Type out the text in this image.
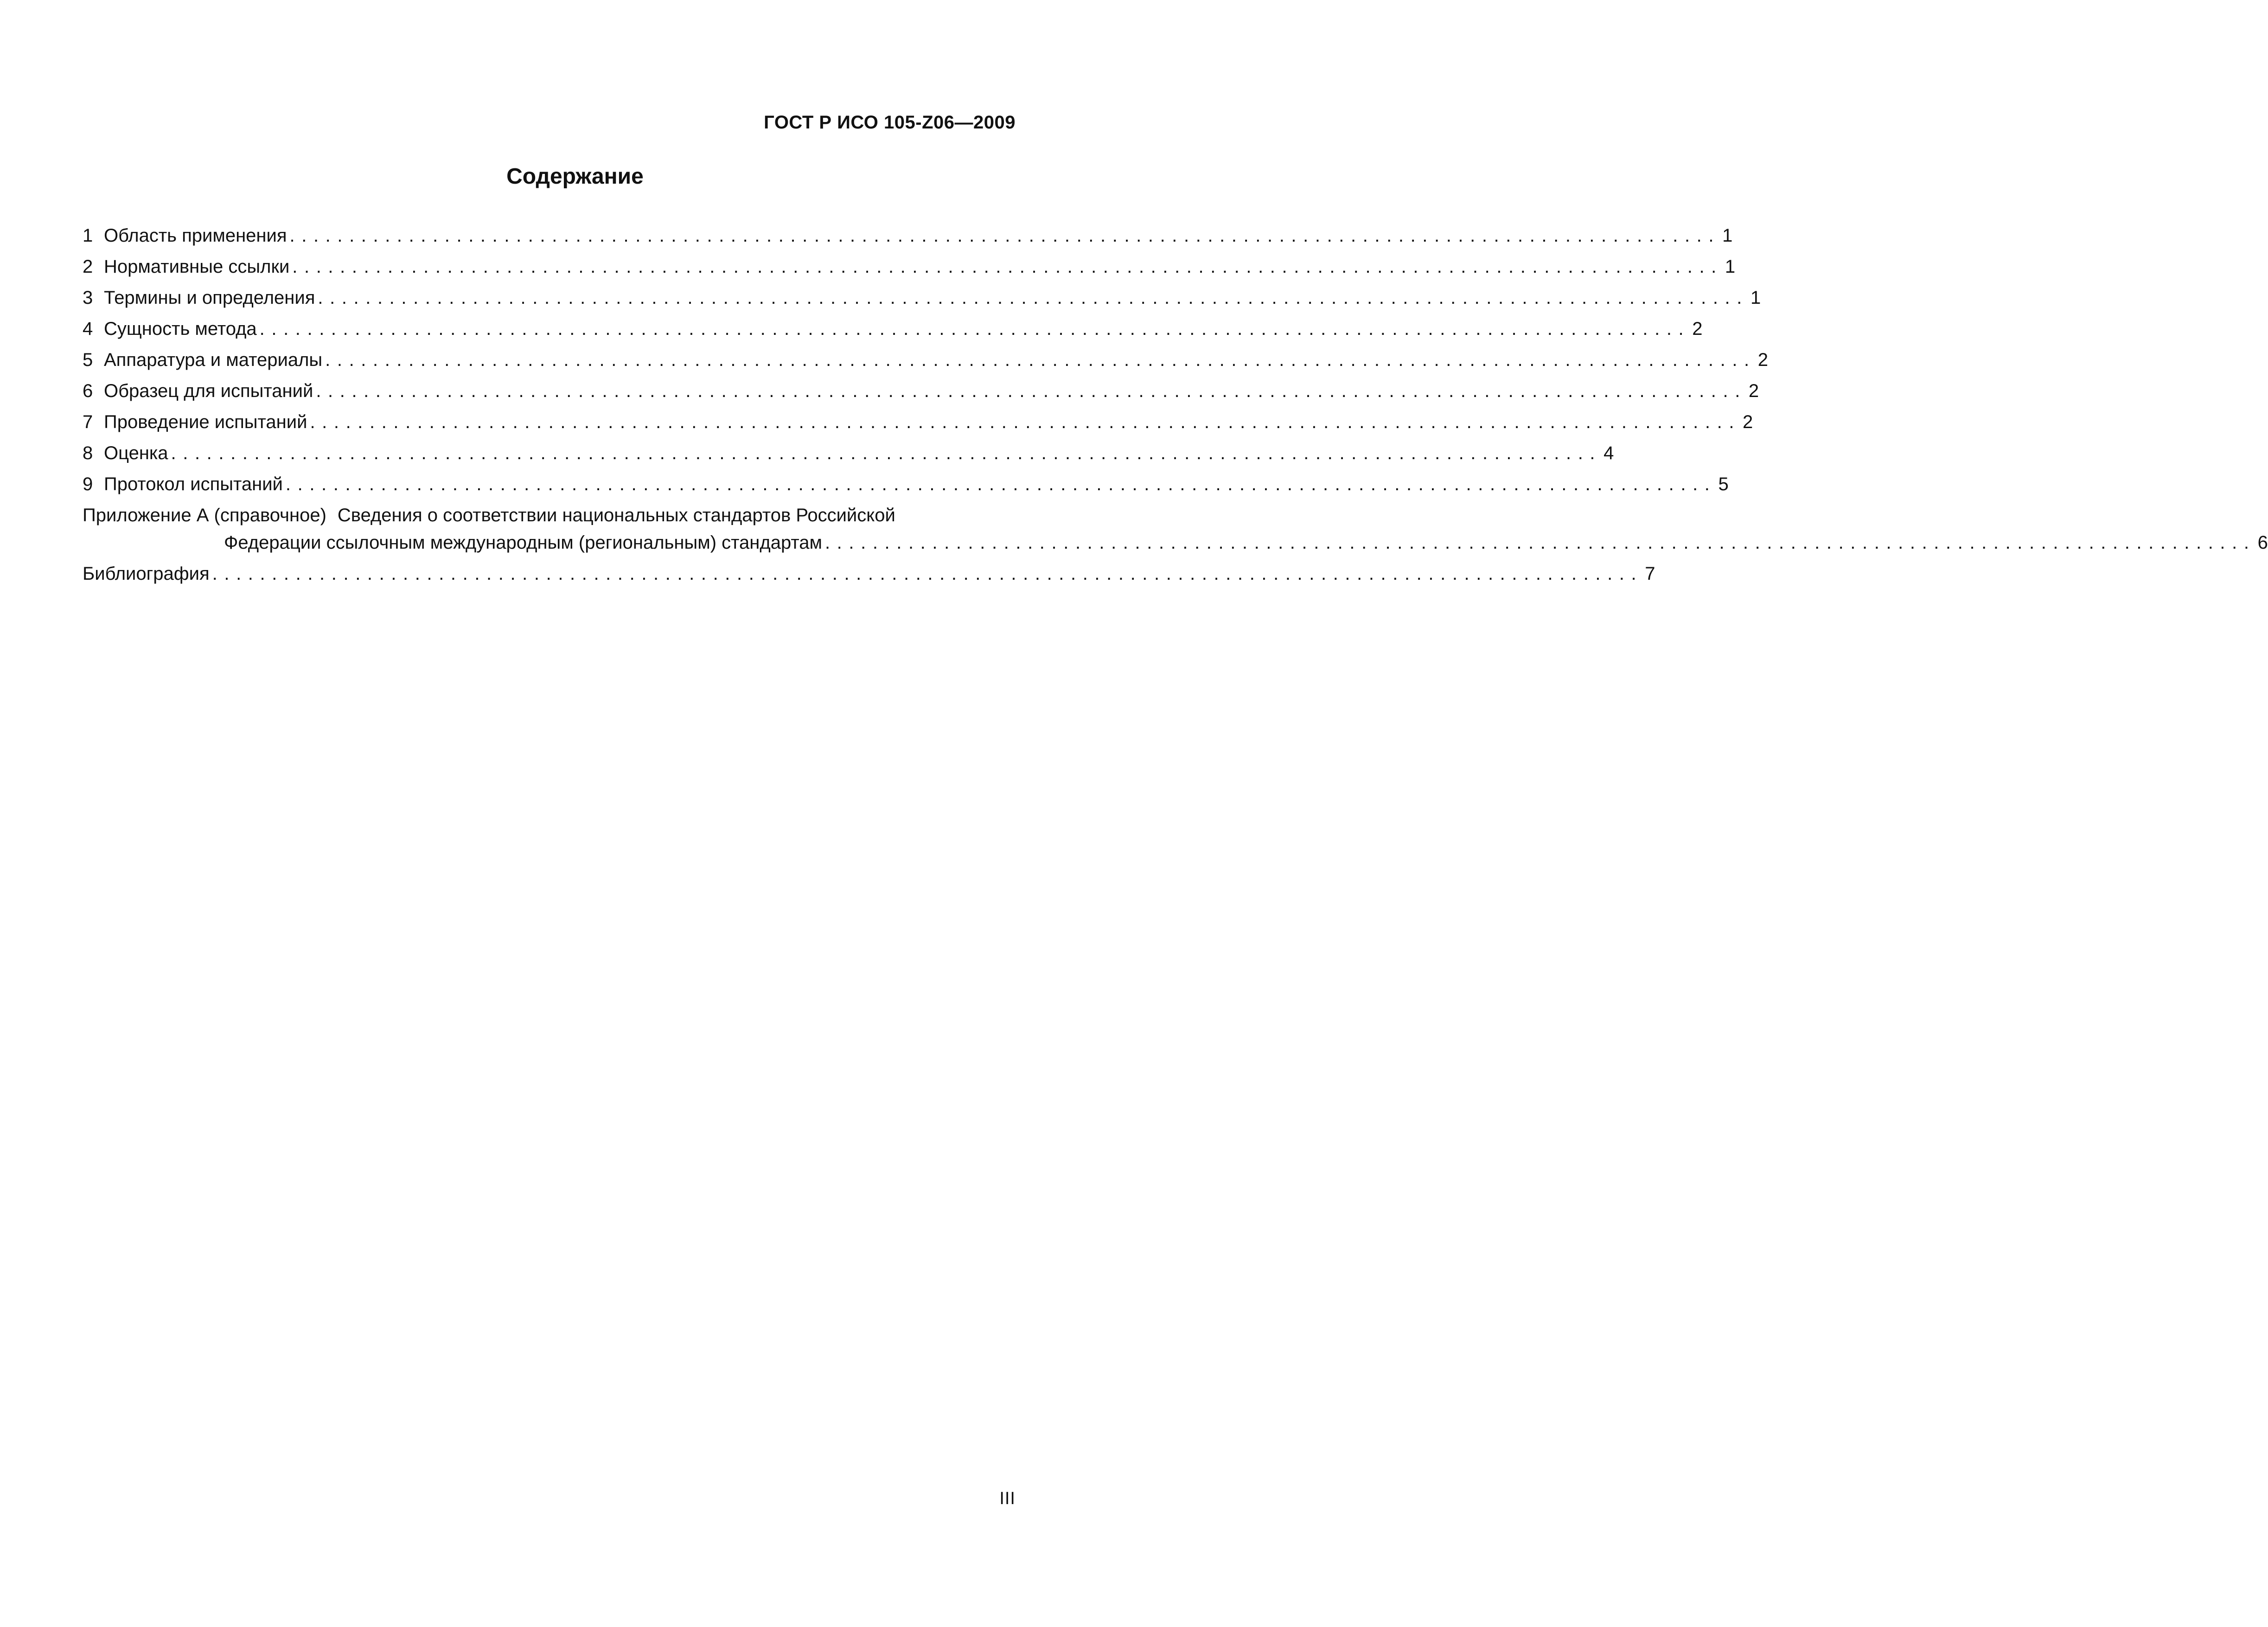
ГОСТ Р ИСО 105-Z06—2009
Содержание
1 Область применения ........................................................................................................................ 1
2 Нормативные ссылки ........................................................................................................................ 1
3 Термины и определения ........................................................................................................................ 1
4 Сущность метода ........................................................................................................................ 2
5 Аппаратура и материалы ........................................................................................................................ 2
6 Образец для испытаний ........................................................................................................................ 2
7 Проведение испытаний ........................................................................................................................ 2
8 Оценка ........................................................................................................................ 4
9 Протокол испытаний ........................................................................................................................ 5
Приложение А (справочное) Сведения о соответствии национальных стандартов Российской
Федерации ссылочным международным (региональным) стандартам ........................................................................................................................ 6
Библиография ........................................................................................................................ 7
III
